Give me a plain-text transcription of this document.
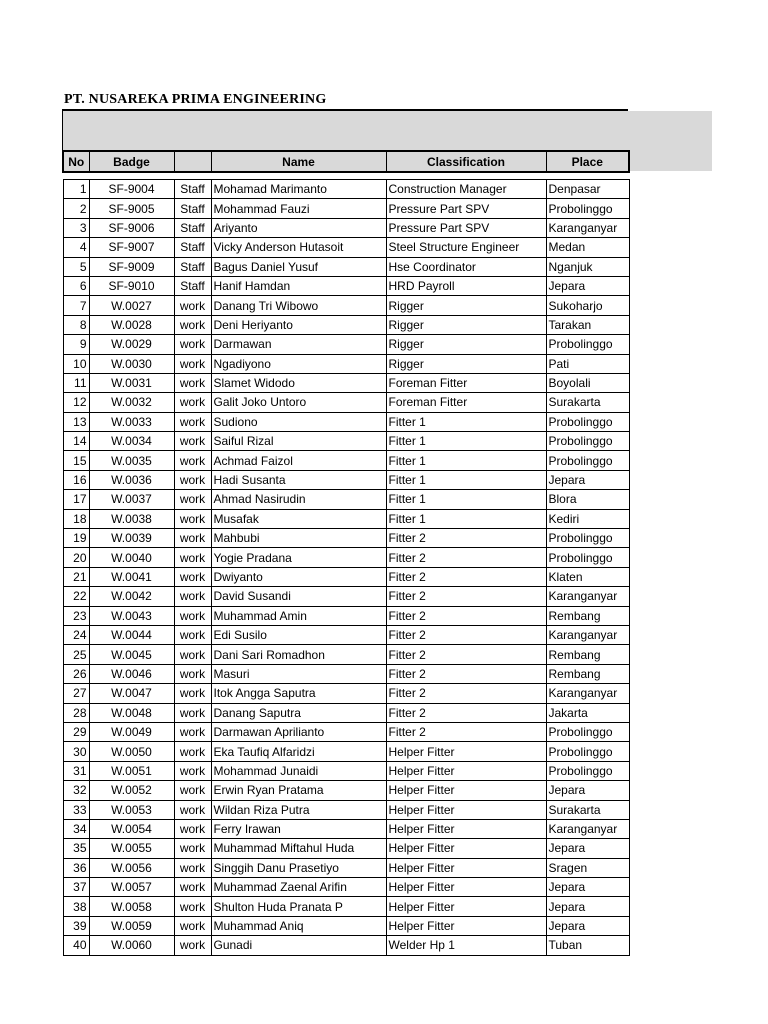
PT. NUSAREKA PRIMA ENGINEERING
No	Badge		Name	Classification	Place

1	SF-9004	Staff	Mohamad Marimanto	Construction Manager	Denpasar
2	SF-9005	Staff	Mohammad Fauzi	Pressure Part SPV	Probolinggo
3	SF-9006	Staff	Ariyanto	Pressure Part SPV	Karanganyar
4	SF-9007	Staff	Vicky Anderson Hutasoit	Steel Structure Engineer	Medan
5	SF-9009	Staff	Bagus Daniel Yusuf	Hse Coordinator	Nganjuk
6	SF-9010	Staff	Hanif Hamdan	HRD Payroll	Jepara
7	W.0027	work	Danang Tri Wibowo	Rigger	Sukoharjo
8	W.0028	work	Deni Heriyanto	Rigger	Tarakan
9	W.0029	work	Darmawan	Rigger	Probolinggo
10	W.0030	work	Ngadiyono	Rigger	Pati
11	W.0031	work	Slamet Widodo	Foreman Fitter	Boyolali
12	W.0032	work	Galit Joko Untoro	Foreman Fitter	Surakarta
13	W.0033	work	Sudiono	Fitter 1	Probolinggo
14	W.0034	work	Saiful Rizal	Fitter 1	Probolinggo
15	W.0035	work	Achmad Faizol	Fitter 1	Probolinggo
16	W.0036	work	Hadi Susanta	Fitter 1	Jepara
17	W.0037	work	Ahmad Nasirudin	Fitter 1	Blora
18	W.0038	work	Musafak	Fitter 1	Kediri
19	W.0039	work	Mahbubi	Fitter 2	Probolinggo
20	W.0040	work	Yogie Pradana	Fitter 2	Probolinggo
21	W.0041	work	Dwiyanto	Fitter 2	Klaten
22	W.0042	work	David Susandi	Fitter 2	Karanganyar
23	W.0043	work	Muhammad Amin	Fitter 2	Rembang
24	W.0044	work	Edi Susilo	Fitter 2	Karanganyar
25	W.0045	work	Dani Sari Romadhon	Fitter 2	Rembang
26	W.0046	work	Masuri	Fitter 2	Rembang
27	W.0047	work	Itok Angga Saputra	Fitter 2	Karanganyar
28	W.0048	work	Danang Saputra	Fitter 2	Jakarta
29	W.0049	work	Darmawan Aprilianto	Fitter 2	Probolinggo
30	W.0050	work	Eka Taufiq Alfaridzi	Helper Fitter	Probolinggo
31	W.0051	work	Mohammad Junaidi	Helper Fitter	Probolinggo
32	W.0052	work	Erwin Ryan Pratama	Helper Fitter	Jepara
33	W.0053	work	Wildan Riza Putra	Helper Fitter	Surakarta
34	W.0054	work	Ferry Irawan	Helper Fitter	Karanganyar
35	W.0055	work	Muhammad Miftahul Huda	Helper Fitter	Jepara
36	W.0056	work	Singgih Danu Prasetiyo	Helper Fitter	Sragen
37	W.0057	work	Muhammad Zaenal Arifin	Helper Fitter	Jepara
38	W.0058	work	Shulton Huda Pranata P	Helper Fitter	Jepara
39	W.0059	work	Muhammad Aniq	Helper Fitter	Jepara
40	W.0060	work	Gunadi	Welder Hp 1	Tuban
